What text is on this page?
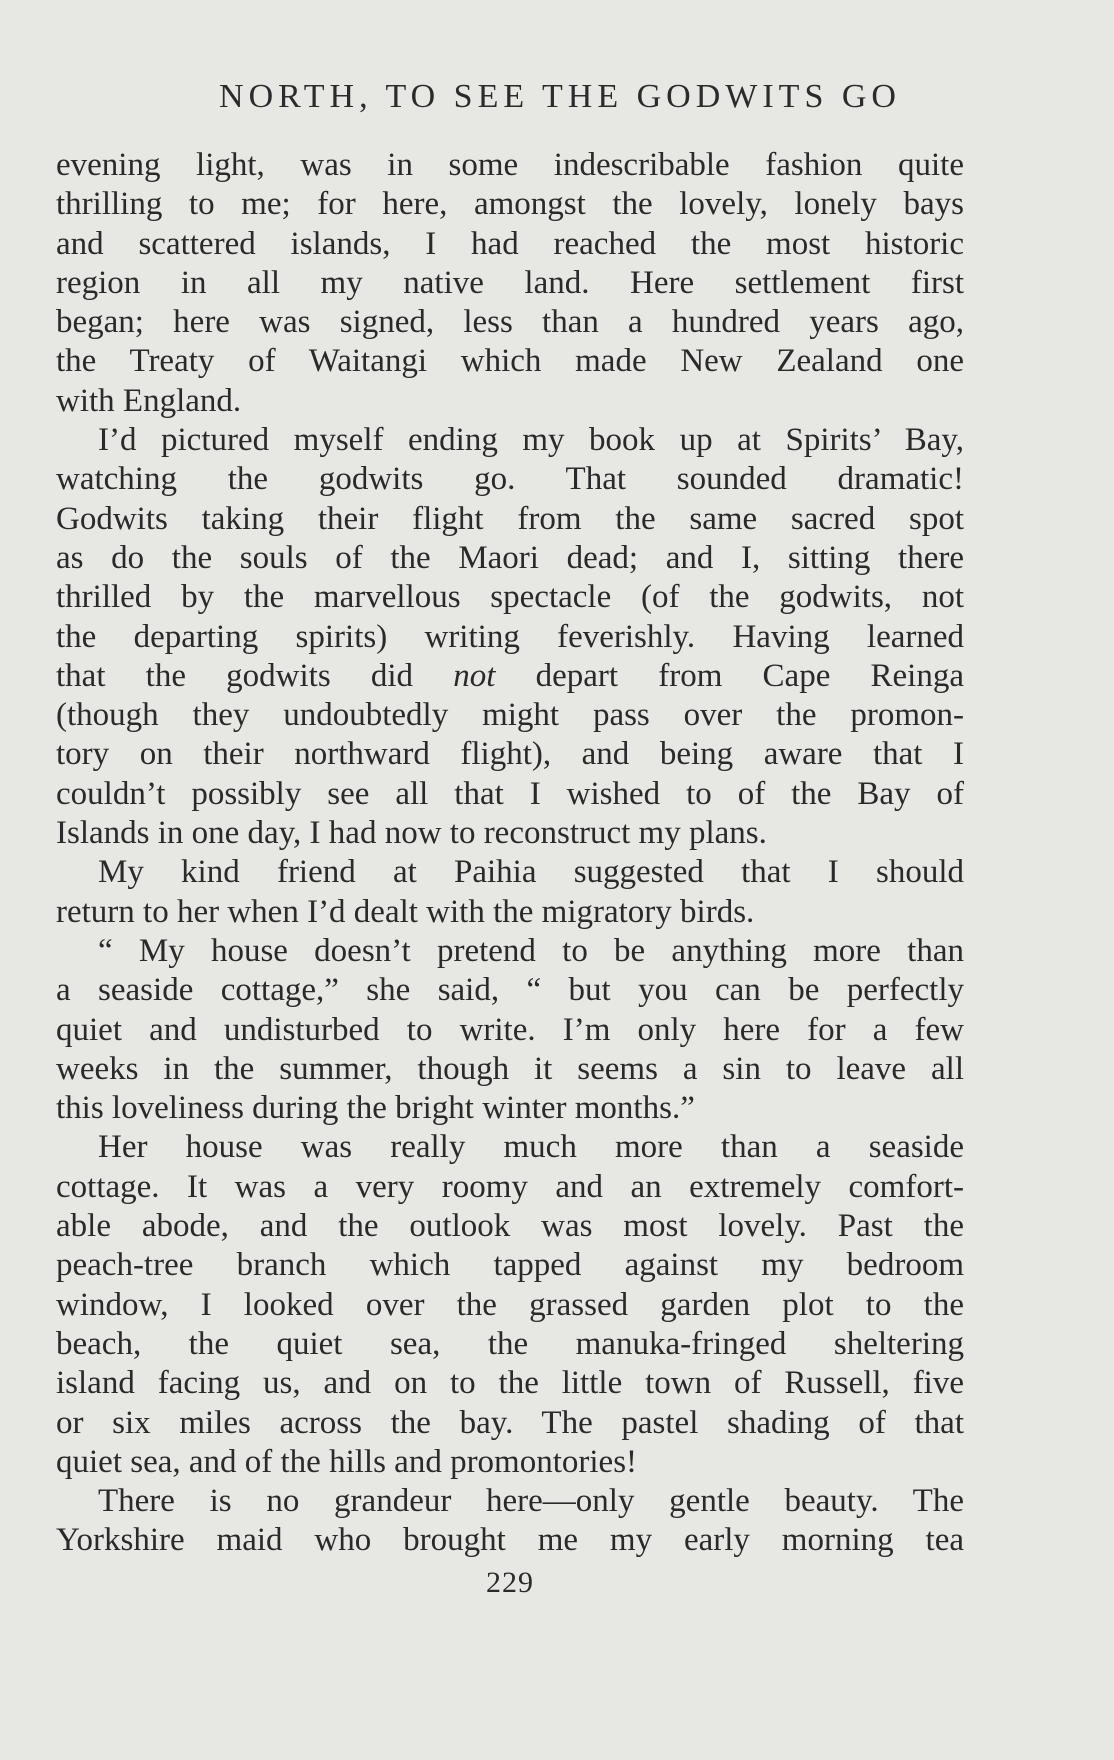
NORTH, TO SEE THE GODWITS GO
evening light, was in some indescribable fashion quite
thrilling to me; for here, amongst the lovely, lonely bays
and scattered islands, I had reached the most historic
region in all my native land. Here settlement first
began; here was signed, less than a hundred years ago,
the Treaty of Waitangi which made New Zealand one
with England.
I’d pictured myself ending my book up at Spirits’ Bay,
watching the godwits go. That sounded dramatic!
Godwits taking their flight from the same sacred spot
as do the souls of the Maori dead; and I, sitting there
thrilled by the marvellous spectacle (of the godwits, not
the departing spirits) writing feverishly. Having learned
that the godwits did not depart from Cape Reinga
(though they undoubtedly might pass over the promon-
tory on their northward flight), and being aware that I
couldn’t possibly see all that I wished to of the Bay of
Islands in one day, I had now to reconstruct my plans.
My kind friend at Paihia suggested that I should
return to her when I’d dealt with the migratory birds.
“ My house doesn’t pretend to be anything more than
a seaside cottage,” she said, “ but you can be perfectly
quiet and undisturbed to write. I’m only here for a few
weeks in the summer, though it seems a sin to leave all
this loveliness during the bright winter months.”
Her house was really much more than a seaside
cottage. It was a very roomy and an extremely comfort-
able abode, and the outlook was most lovely. Past the
peach-tree branch which tapped against my bedroom
window, I looked over the grassed garden plot to the
beach, the quiet sea, the manuka-fringed sheltering
island facing us, and on to the little town of Russell, five
or six miles across the bay. The pastel shading of that
quiet sea, and of the hills and promontories!
There is no grandeur here—only gentle beauty. The
Yorkshire maid who brought me my early morning tea
229
